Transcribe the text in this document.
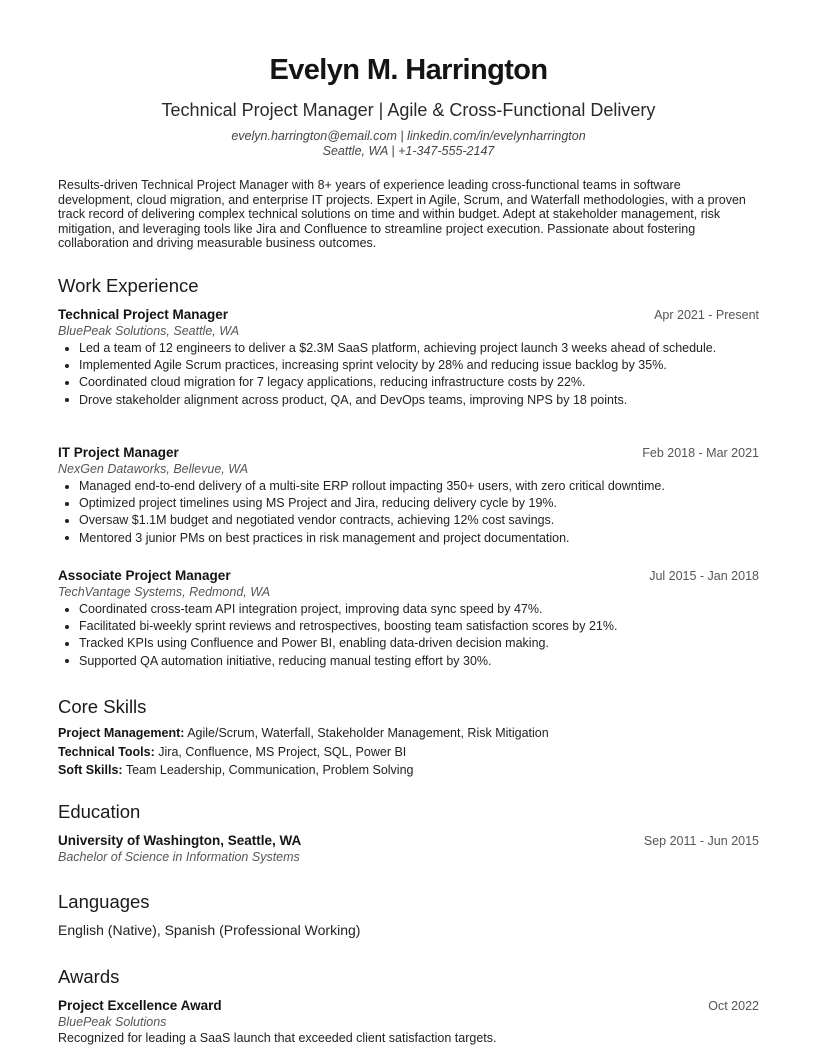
Evelyn M. Harrington
Technical Project Manager | Agile & Cross-Functional Delivery
evelyn.harrington@email.com | linkedin.com/in/evelynharrington
Seattle, WA | +1-347-555-2147
Results-driven Technical Project Manager with 8+ years of experience leading cross-functional teams in software development, cloud migration, and enterprise IT projects. Expert in Agile, Scrum, and Waterfall methodologies, with a proven track record of delivering complex technical solutions on time and within budget. Adept at stakeholder management, risk mitigation, and leveraging tools like Jira and Confluence to streamline project execution. Passionate about fostering collaboration and driving measurable business outcomes.
Work Experience
Technical Project Manager	Apr 2021 - Present
BluePeak Solutions, Seattle, WA
Led a team of 12 engineers to deliver a $2.3M SaaS platform, achieving project launch 3 weeks ahead of schedule.
Implemented Agile Scrum practices, increasing sprint velocity by 28% and reducing issue backlog by 35%.
Coordinated cloud migration for 7 legacy applications, reducing infrastructure costs by 22%.
Drove stakeholder alignment across product, QA, and DevOps teams, improving NPS by 18 points.
IT Project Manager	Feb 2018 - Mar 2021
NexGen Dataworks, Bellevue, WA
Managed end-to-end delivery of a multi-site ERP rollout impacting 350+ users, with zero critical downtime.
Optimized project timelines using MS Project and Jira, reducing delivery cycle by 19%.
Oversaw $1.1M budget and negotiated vendor contracts, achieving 12% cost savings.
Mentored 3 junior PMs on best practices in risk management and project documentation.
Associate Project Manager	Jul 2015 - Jan 2018
TechVantage Systems, Redmond, WA
Coordinated cross-team API integration project, improving data sync speed by 47%.
Facilitated bi-weekly sprint reviews and retrospectives, boosting team satisfaction scores by 21%.
Tracked KPIs using Confluence and Power BI, enabling data-driven decision making.
Supported QA automation initiative, reducing manual testing effort by 30%.
Core Skills
Project Management: Agile/Scrum, Waterfall, Stakeholder Management, Risk Mitigation
Technical Tools: Jira, Confluence, MS Project, SQL, Power BI
Soft Skills: Team Leadership, Communication, Problem Solving
Education
University of Washington, Seattle, WA	Sep 2011 - Jun 2015
Bachelor of Science in Information Systems
Languages
English (Native), Spanish (Professional Working)
Awards
Project Excellence Award	Oct 2022
BluePeak Solutions
Recognized for leading a SaaS launch that exceeded client satisfaction targets.
